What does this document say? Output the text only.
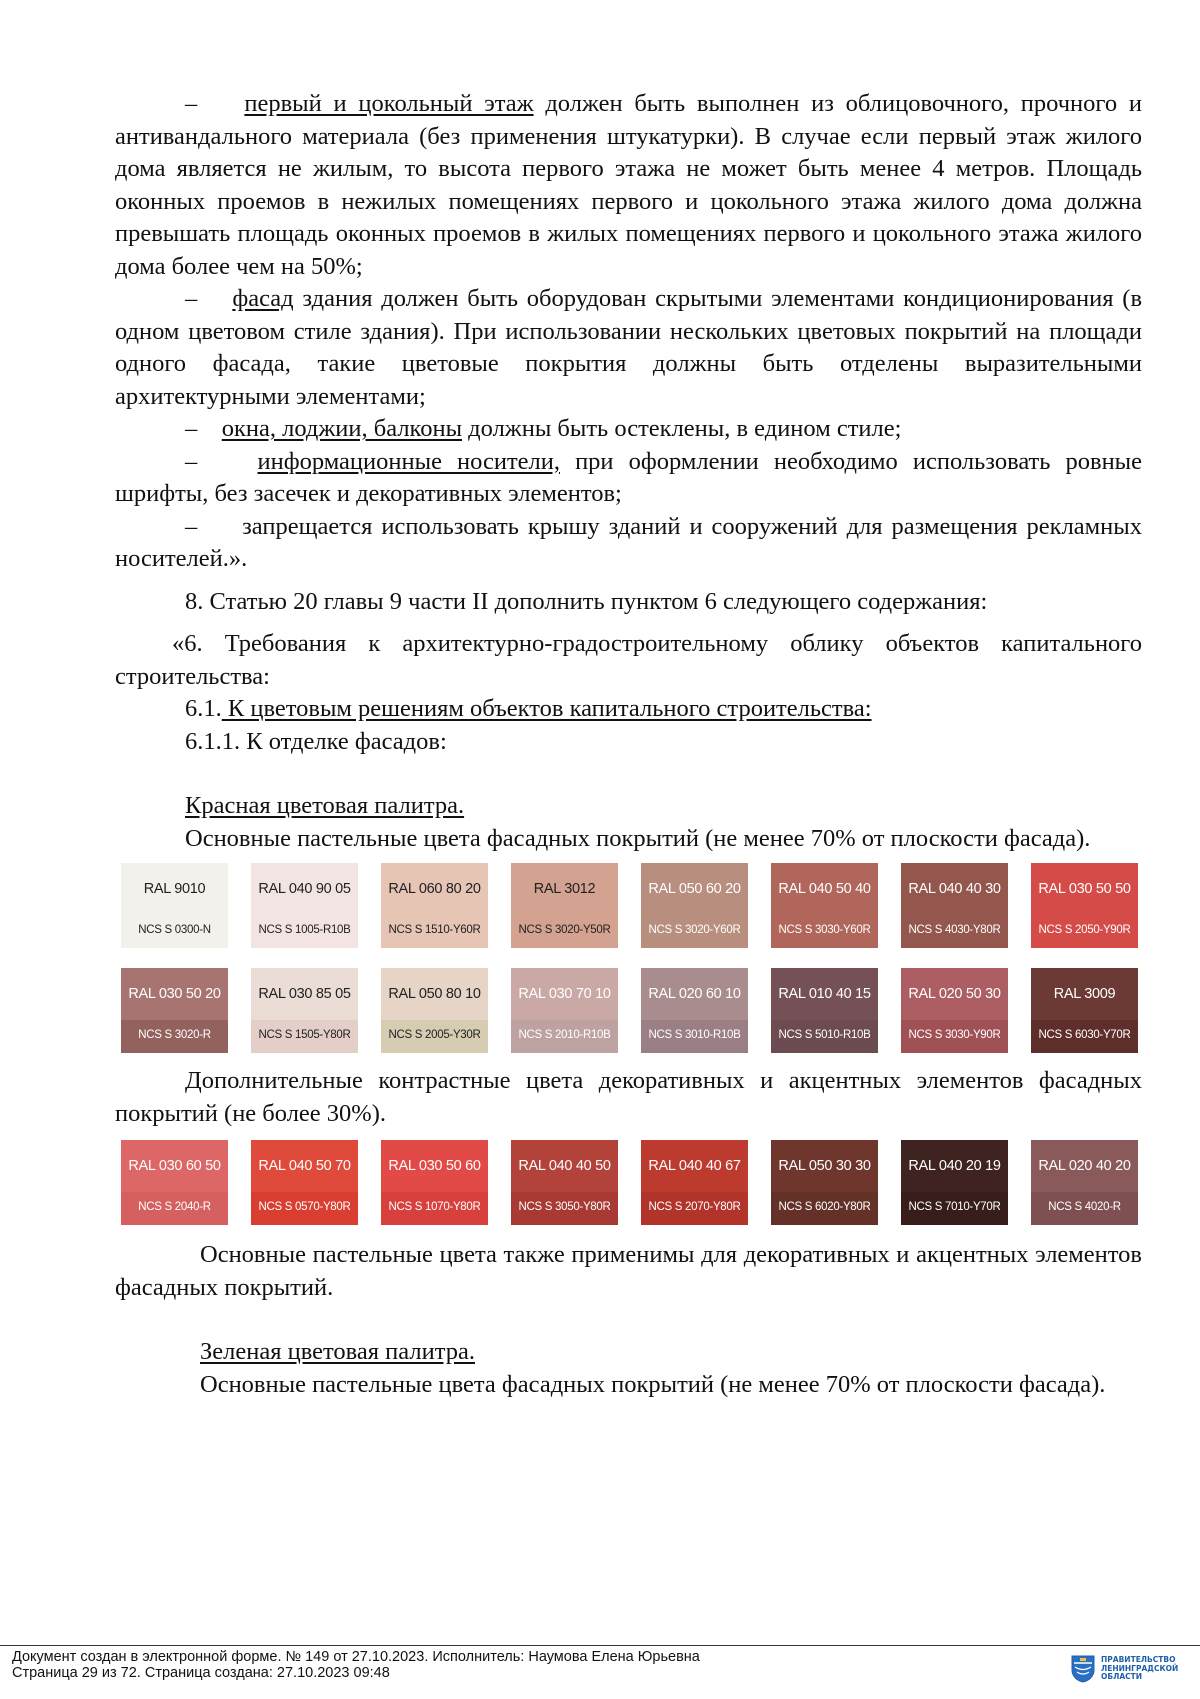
– первый и цокольный этаж должен быть выполнен из облицовочного, прочного и антивандального материала (без применения штукатурки). В случае если первый этаж жилого дома является не жилым, то высота первого этажа не может быть менее 4 метров. Площадь оконных проемов в нежилых помещениях первого и цокольного этажа жилого дома должна превышать площадь оконных проемов в жилых помещениях первого и цокольного этажа жилого дома более чем на 50%;

– фасад здания должен быть оборудован скрытыми элементами кондиционирования (в одном цветовом стиле здания). При использовании нескольких цветовых покрытий на площади одного фасада, такие цветовые покрытия должны быть отделены выразительными архитектурными элементами;

– окна, лоджии, балконы должны быть остеклены, в едином стиле;

– информационные носители, при оформлении необходимо использовать ровные шрифты, без засечек и декоративных элементов;

–     запрещается использовать крышу зданий и сооружений для размещения рекламных носителей.».

8. Статью 20 главы 9 части II дополнить пунктом 6 следующего содержания:

«6. Требования к архитектурно-градостроительному облику объектов капитального строительства:

6.1. К цветовым решениям объектов капитального строительства:

6.1.1. К отделке фасадов:

Красная цветовая палитра.

Основные пастельные цвета фасадных покрытий (не менее 70% от плоскости фасада).

RAL 9010
NCS S 0300-N
RAL 040 90 05
NCS S 1005-R10B
RAL 060 80 20
NCS S 1510-Y60R
RAL 3012
NCS S 3020-Y50R
RAL 050 60 20
NCS S 3020-Y60R
RAL 040 50 40
NCS S 3030-Y60R
RAL 040 40 30
NCS S 4030-Y80R
RAL 030 50 50
NCS S 2050-Y90R
RAL 030 50 20
NCS S 3020-R
RAL 030 85 05
NCS S 1505-Y80R
RAL 050 80 10
NCS S 2005-Y30R
RAL 030 70 10
NCS S 2010-R10B
RAL 020 60 10
NCS S 3010-R10B
RAL 010 40 15
NCS S 5010-R10B
RAL 020 50 30
NCS S 3030-Y90R
RAL 3009
NCS S 6030-Y70R

Дополнительные контрастные цвета декоративных и акцентных элементов фасадных покрытий (не более 30%).

RAL 030 60 50
NCS S 2040-R
RAL 040 50 70
NCS S 0570-Y80R
RAL 030 50 60
NCS S 1070-Y80R
RAL 040 40 50
NCS S 3050-Y80R
RAL 040 40 67
NCS S 2070-Y80R
RAL 050 30 30
NCS S 6020-Y80R
RAL 040 20 19
NCS S 7010-Y70R
RAL 020 40 20
NCS S 4020-R

Основные пастельные цвета также применимы для декоративных и акцентных элементов фасадных покрытий.

Зеленая цветовая палитра.

Основные пастельные цвета фасадных покрытий (не менее 70% от плоскости фасада).

Документ создан в электронной форме. № 149 от 27.10.2023. Исполнитель: Наумова Елена Юрьевна
Страница 29 из 72. Страница создана: 27.10.2023 09:48
ПРАВИТЕЛЬСТВО
ЛЕНИНГРАДСКОЙ
ОБЛАСТИ
